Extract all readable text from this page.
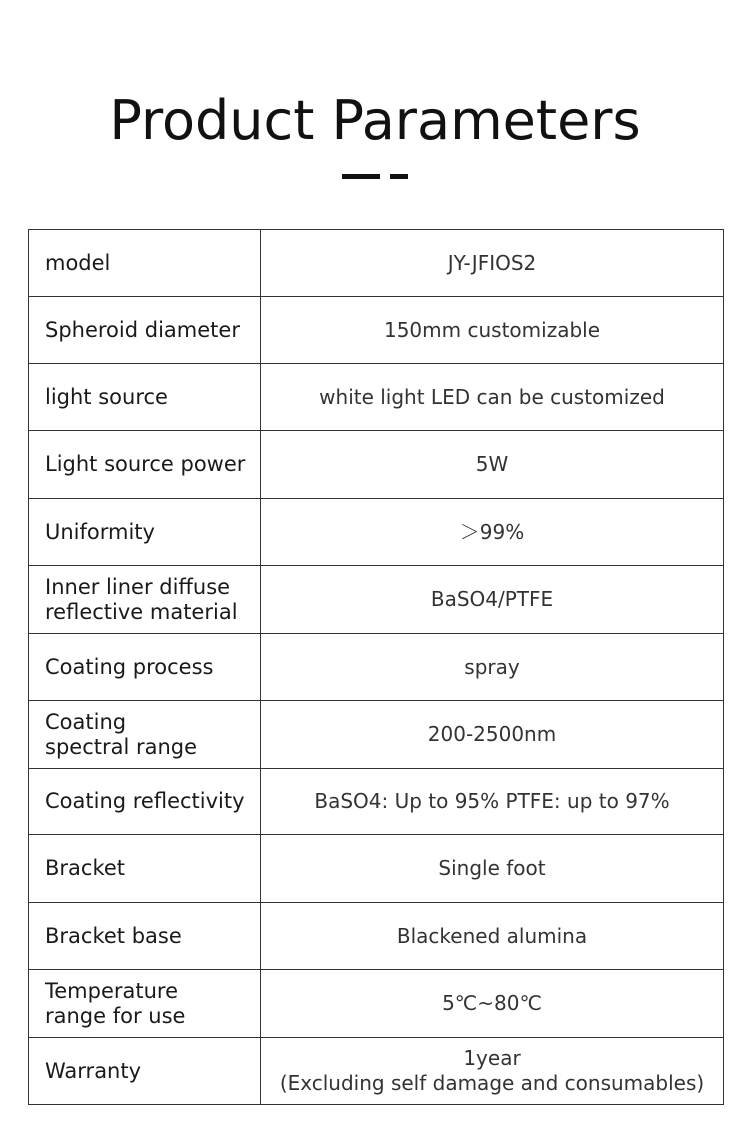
Product Parameters
model	JY-JFIOS2
Spheroid diameter	150mm customizable
light source	white light LED can be customized
Light source power	5W
Uniformity	＞99%
Inner liner diffuse
reflective material	BaSO4/PTFE
Coating process	spray
Coating
spectral range	200-2500nm
Coating reflectivity	BaSO4: Up to 95% PTFE: up to 97%
Bracket	Single foot
Bracket base	Blackened alumina
Temperature
range for use	5℃~80℃
Warranty	1year
(Excluding self damage and consumables)
